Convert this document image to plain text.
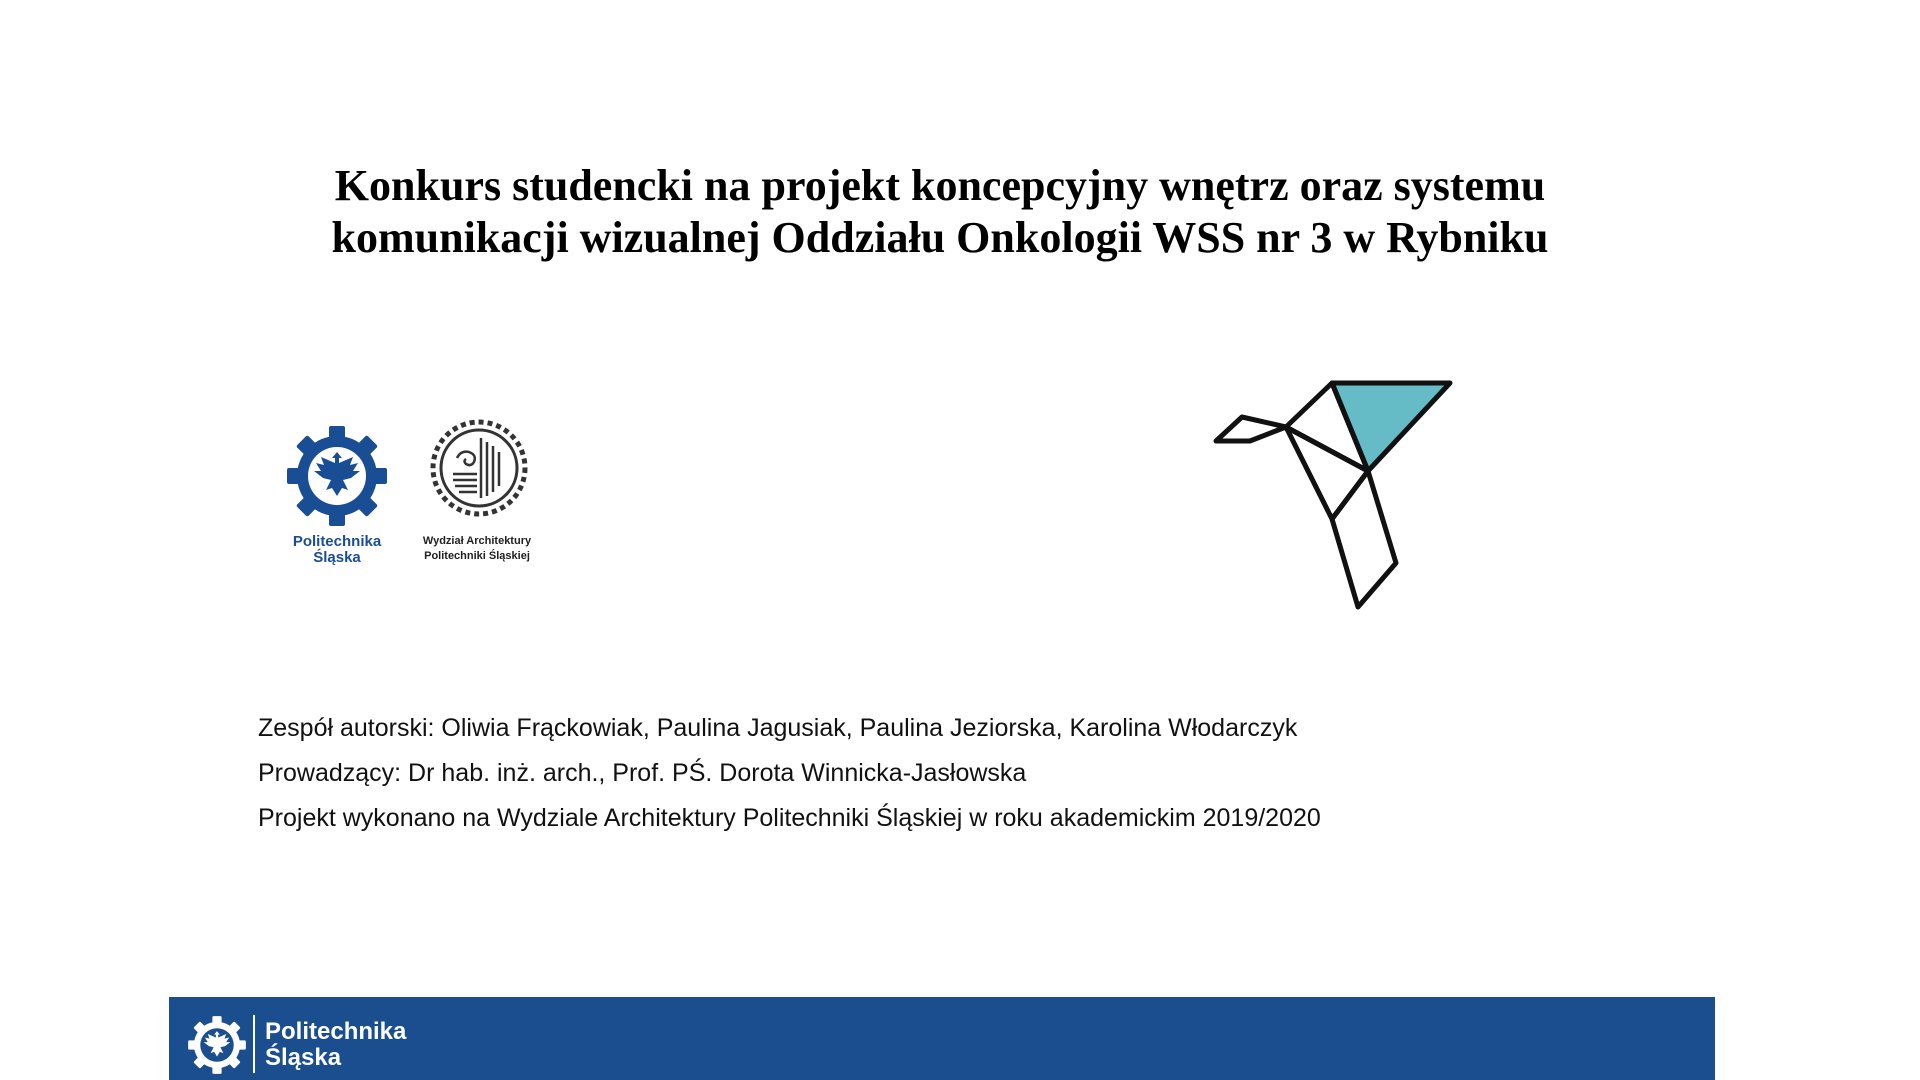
Konkurs studencki na projekt koncepcyjny wnętrz oraz systemu
komunikacji wizualnej Oddziału Onkologii WSS nr 3 w Rybniku
Politechnika
Śląska
Wydział Architektury
Politechniki Śląskiej
Zespół autorski: Oliwia Frąckowiak, Paulina Jagusiak, Paulina Jeziorska, Karolina Włodarczyk
Prowadzący: Dr hab. inż. arch., Prof. PŚ. Dorota Winnicka-Jasłowska
Projekt wykonano na Wydziale Architektury Politechniki Śląskiej w roku akademickim 2019/2020
Politechnika
Śląska
